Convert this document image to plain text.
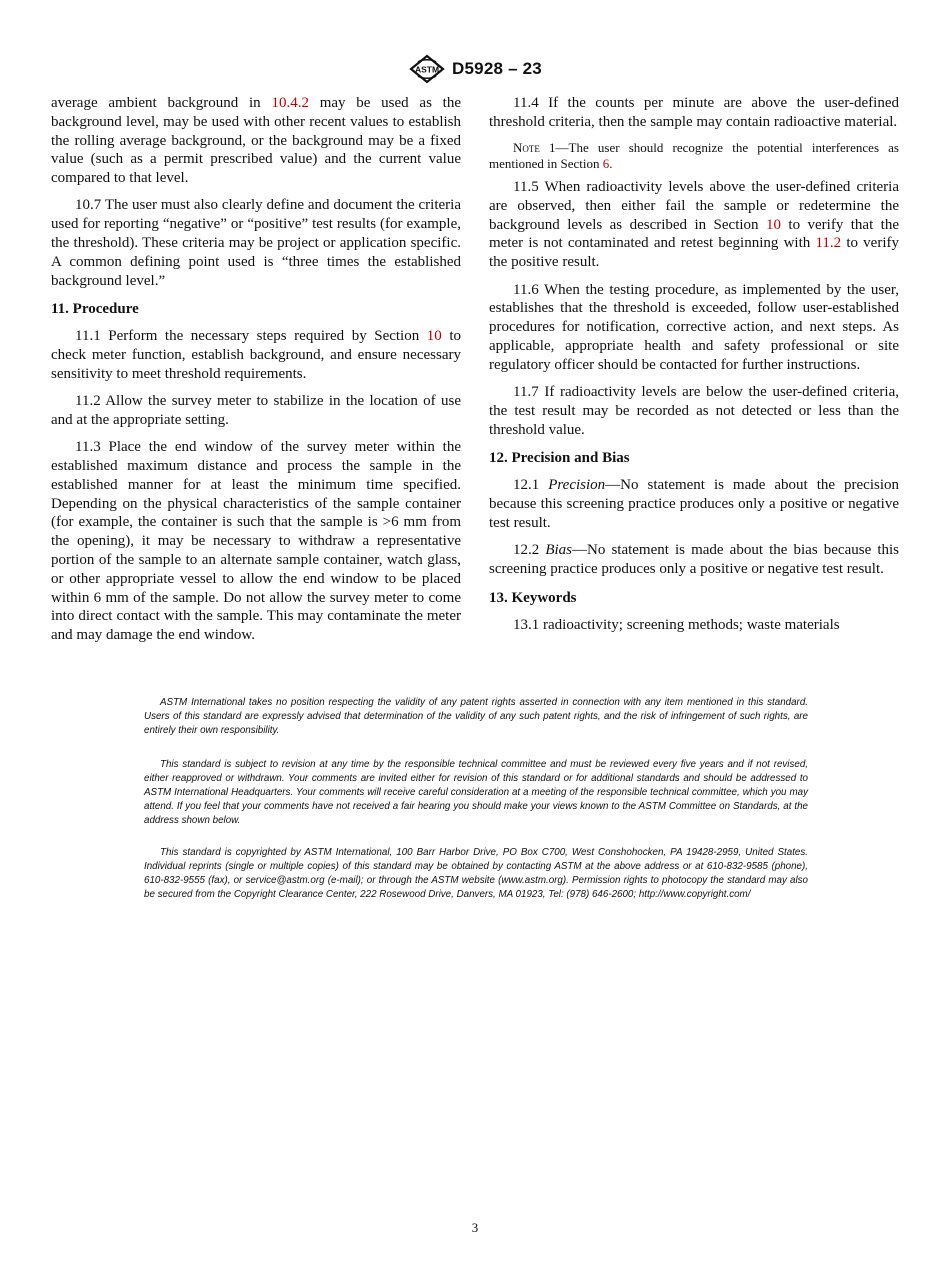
ASTM D5928 – 23

average ambient background in 10.4.2 may be used as the background level, may be used with other recent values to establish the rolling average background, or the background may be a fixed value (such as a permit prescribed value) and the current value compared to that level.

10.7 The user must also clearly define and document the criteria used for reporting “negative” or “positive” test results (for example, the threshold). These criteria may be project or application specific. A common defining point used is “three times the established background level.”

11. Procedure

11.1 Perform the necessary steps required by Section 10 to check meter function, establish background, and ensure necessary sensitivity to meet threshold requirements.

11.2 Allow the survey meter to stabilize in the location of use and at the appropriate setting.

11.3 Place the end window of the survey meter within the established maximum distance and process the sample in the established manner for at least the minimum time specified. Depending on the physical characteristics of the sample container (for example, the container is such that the sample is >6 mm from the opening), it may be necessary to withdraw a representative portion of the sample to an alternate sample container, watch glass, or other appropriate vessel to allow the end window to be placed within 6 mm of the sample. Do not allow the survey meter to come into direct contact with the sample. This may contaminate the meter and may damage the end window.

11.4 If the counts per minute are above the user-defined threshold criteria, then the sample may contain radioactive material.

Note 1—The user should recognize the potential interferences as mentioned in Section 6.

11.5 When radioactivity levels above the user-defined criteria are observed, then either fail the sample or redetermine the background levels as described in Section 10 to verify that the meter is not contaminated and retest beginning with 11.2 to verify the positive result.

11.6 When the testing procedure, as implemented by the user, establishes that the threshold is exceeded, follow user-established procedures for notification, corrective action, and next steps. As applicable, appropriate health and safety professional or site regulatory officer should be contacted for further instructions.

11.7 If radioactivity levels are below the user-defined criteria, the test result may be recorded as not detected or less than the threshold value.

12. Precision and Bias

12.1 Precision—No statement is made about the precision because this screening practice produces only a positive or negative test result.

12.2 Bias—No statement is made about the bias because this screening practice produces only a positive or negative test result.

13. Keywords

13.1 radioactivity; screening methods; waste materials

ASTM International takes no position respecting the validity of any patent rights asserted in connection with any item mentioned in this standard. Users of this standard are expressly advised that determination of the validity of any such patent rights, and the risk of infringement of such rights, are entirely their own responsibility.

This standard is subject to revision at any time by the responsible technical committee and must be reviewed every five years and if not revised, either reapproved or withdrawn. Your comments are invited either for revision of this standard or for additional standards and should be addressed to ASTM International Headquarters. Your comments will receive careful consideration at a meeting of the responsible technical committee, which you may attend. If you feel that your comments have not received a fair hearing you should make your views known to the ASTM Committee on Standards, at the address shown below.

This standard is copyrighted by ASTM International, 100 Barr Harbor Drive, PO Box C700, West Conshohocken, PA 19428-2959, United States. Individual reprints (single or multiple copies) of this standard may be obtained by contacting ASTM at the above address or at 610-832-9585 (phone), 610-832-9555 (fax), or service@astm.org (e-mail); or through the ASTM website (www.astm.org). Permission rights to photocopy the standard may also be secured from the Copyright Clearance Center, 222 Rosewood Drive, Danvers, MA 01923, Tel: (978) 646-2600; http://www.copyright.com/

3
